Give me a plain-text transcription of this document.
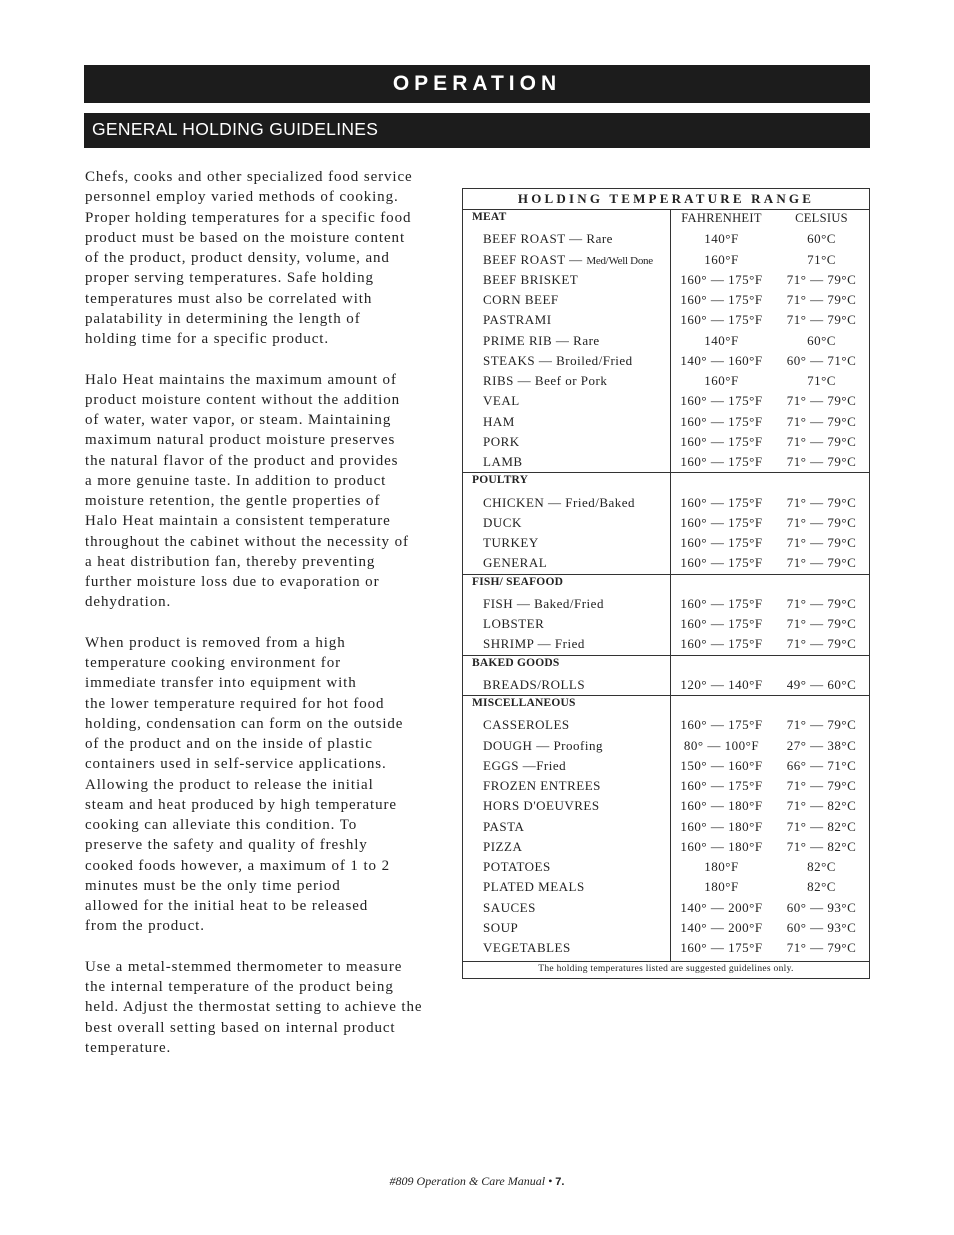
OPERATION
GENERAL HOLDING GUIDELINES
Chefs, cooks and other specialized food service
personnel employ varied methods of cooking.
Proper holding temperatures for a specific food
product must be based on the moisture content
of the product, product density, volume, and
proper serving temperatures. Safe holding
temperatures must also be correlated with
palatability in determining the length of
holding time for a specific product.
Halo Heat maintains the maximum amount of
product moisture content without the addition
of water, water vapor, or steam. Maintaining
maximum natural product moisture preserves
the natural flavor of the product and provides
a more genuine taste. In addition to product
moisture retention, the gentle properties of
Halo Heat maintain a consistent temperature
throughout the cabinet without the necessity of
a heat distribution fan, thereby preventing
further moisture loss due to evaporation or
dehydration.
When product is removed from a high
temperature cooking environment for
immediate transfer into equipment with
the lower temperature required for hot food
holding, condensation can form on the outside
of the product and on the inside of plastic
containers used in self-service applications.
Allowing the product to release the initial
steam and heat produced by high temperature
cooking can alleviate this condition. To
preserve the safety and quality of freshly
cooked foods however, a maximum of 1 to 2
minutes must be the only time period
allowed for the initial heat to be released
from the product.
Use a metal-stemmed thermometer to measure
the internal temperature of the product being
held. Adjust the thermostat setting to achieve the
best overall setting based on internal product
temperature.
HOLDING TEMPERATURE RANGE
The holding temperatures listed are suggested guidelines only.
MEAT	FAHRENHEIT	CELSIUS
BEEF ROAST — Rare	140°F	60°C
BEEF ROAST — Med/Well Done	160°F	71°C
BEEF BRISKET	160° — 175°F	71° — 79°C
CORN BEEF	160° — 175°F	71° — 79°C
PASTRAMI	160° — 175°F	71° — 79°C
PRIME RIB — Rare	140°F	60°C
STEAKS — Broiled/Fried	140° — 160°F	60° — 71°C
RIBS — Beef or Pork	160°F	71°C
VEAL	160° — 175°F	71° — 79°C
HAM	160° — 175°F	71° — 79°C
PORK	160° — 175°F	71° — 79°C
LAMB	160° — 175°F	71° — 79°C
POULTRY
CHICKEN — Fried/Baked	160° — 175°F	71° — 79°C
DUCK	160° — 175°F	71° — 79°C
TURKEY	160° — 175°F	71° — 79°C
GENERAL	160° — 175°F	71° — 79°C
FISH/ SEAFOOD
FISH — Baked/Fried	160° — 175°F	71° — 79°C
LOBSTER	160° — 175°F	71° — 79°C
SHRIMP — Fried	160° — 175°F	71° — 79°C
BAKED GOODS
BREADS/ROLLS	120° — 140°F	49° — 60°C
MISCELLANEOUS
CASSEROLES	160° — 175°F	71° — 79°C
DOUGH — Proofing	80° — 100°F	27° — 38°C
EGGS —Fried	150° — 160°F	66° — 71°C
FROZEN ENTREES	160° — 175°F	71° — 79°C
HORS D'OEUVRES	160° — 180°F	71° — 82°C
PASTA	160° — 180°F	71° — 82°C
PIZZA	160° — 180°F	71° — 82°C
POTATOES	180°F	82°C
PLATED MEALS	180°F	82°C
SAUCES	140° — 200°F	60° — 93°C
SOUP	140° — 200°F	60° — 93°C
VEGETABLES	160° — 175°F	71° — 79°C
#809 Operation & Care Manual • 7.
